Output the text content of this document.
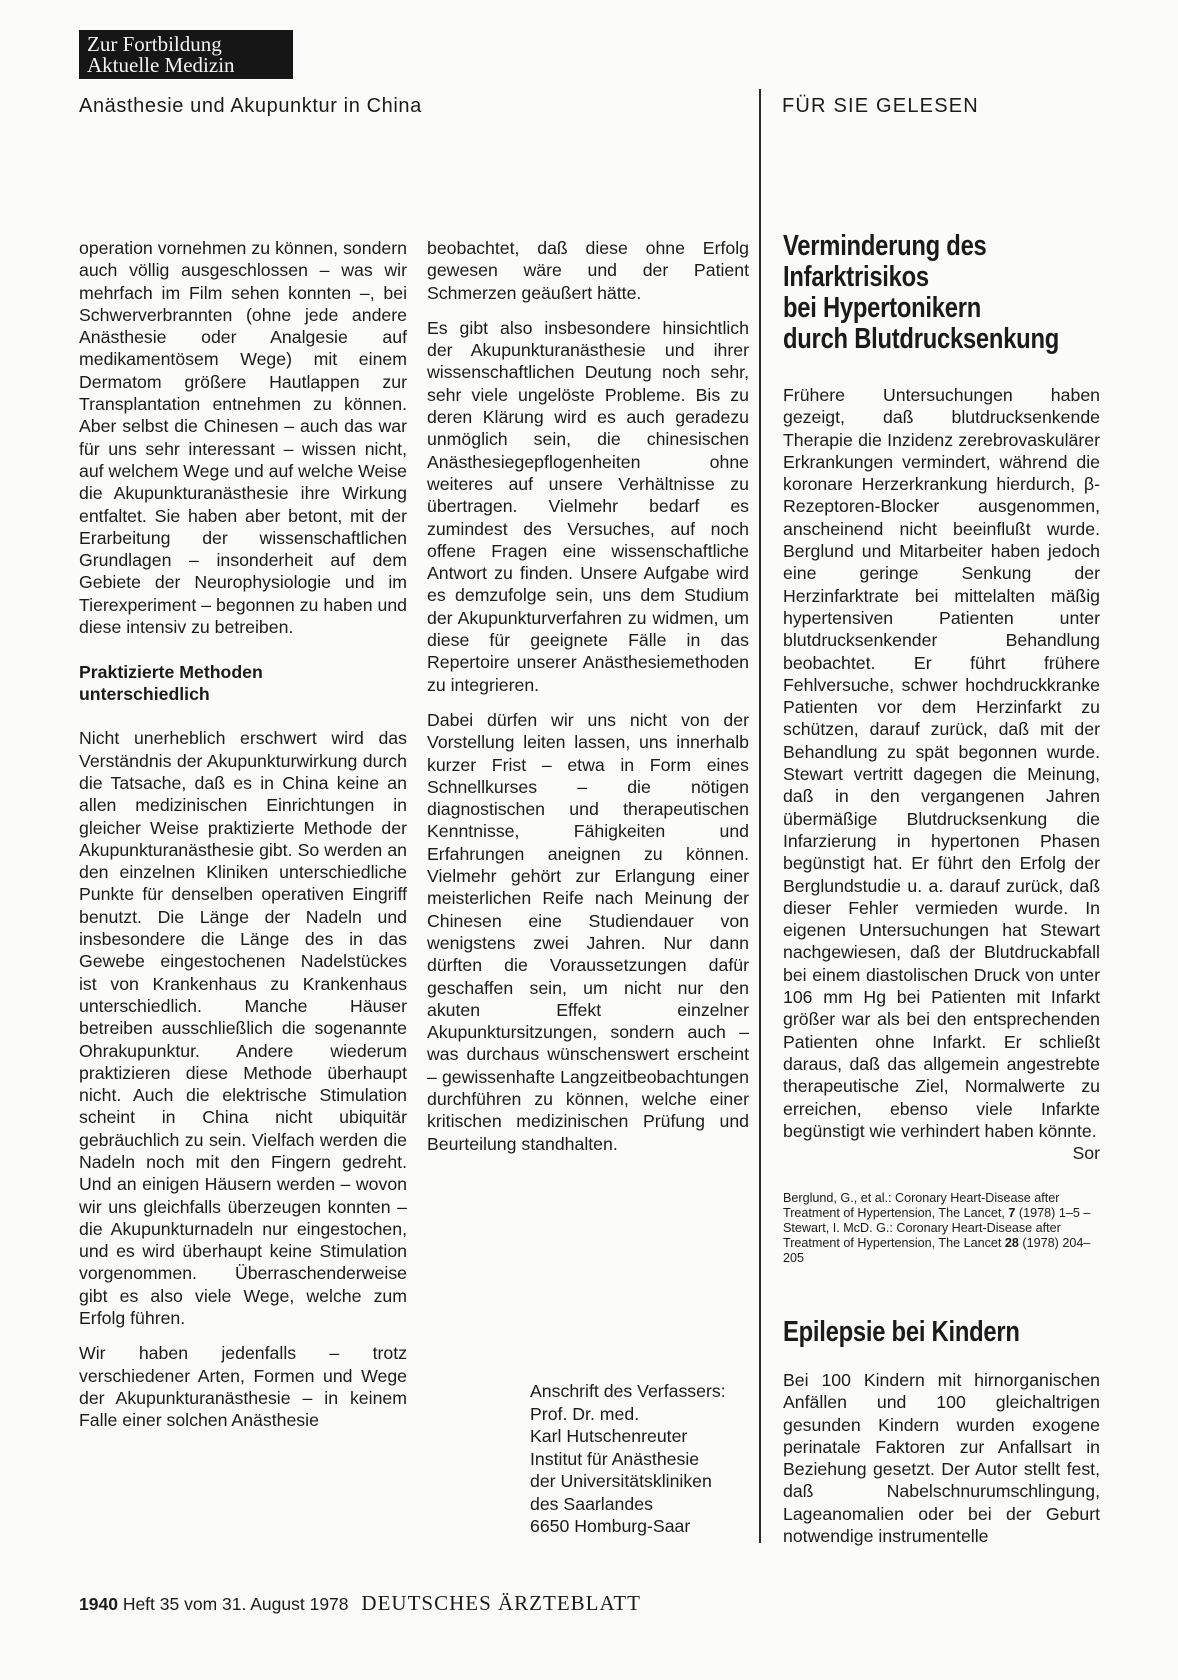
Zur Fortbildung
Aktuelle Medizin
Anästhesie und Akupunktur in China	FÜR SIE GELESEN

operation vornehmen zu können, sondern auch völlig ausgeschlossen – was wir mehrfach im Film sehen konnten –, bei Schwerverbrannten (ohne jede andere Anästhesie oder Analgesie auf medikamentösem Wege) mit einem Dermatom größere Hautlappen zur Transplantation entnehmen zu können. Aber selbst die Chinesen – auch das war für uns sehr interessant – wissen nicht, auf welchem Wege und auf welche Weise die Akupunkturanästhesie ihre Wirkung entfaltet. Sie haben aber betont, mit der Erarbeitung der wissenschaftlichen Grundlagen – insonderheit auf dem Gebiete der Neurophysiologie und im Tierexperiment – begonnen zu haben und diese intensiv zu betreiben.

Praktizierte Methoden
unterschiedlich

Nicht unerheblich erschwert wird das Verständnis der Akupunkturwirkung durch die Tatsache, daß es in China keine an allen medizinischen Einrichtungen in gleicher Weise praktizierte Methode der Akupunkturanästhesie gibt. So werden an den einzelnen Kliniken unterschiedliche Punkte für denselben operativen Eingriff benutzt. Die Länge der Nadeln und insbesondere die Länge des in das Gewebe eingestochenen Nadelstückes ist von Krankenhaus zu Krankenhaus unterschiedlich. Manche Häuser betreiben ausschließlich die sogenannte Ohrakupunktur. Andere wiederum praktizieren diese Methode überhaupt nicht. Auch die elektrische Stimulation scheint in China nicht ubiquitär gebräuchlich zu sein. Vielfach werden die Nadeln noch mit den Fingern gedreht. Und an einigen Häusern werden – wovon wir uns gleichfalls überzeugen konnten – die Akupunkturnadeln nur eingestochen, und es wird überhaupt keine Stimulation vorgenommen. Überraschenderweise gibt es also viele Wege, welche zum Erfolg führen.

Wir haben jedenfalls – trotz verschiedener Arten, Formen und Wege der Akupunkturanästhesie – in keinem Falle einer solchen Anästhesie

beobachtet, daß diese ohne Erfolg gewesen wäre und der Patient Schmerzen geäußert hätte.

Es gibt also insbesondere hinsichtlich der Akupunkturanästhesie und ihrer wissenschaftlichen Deutung noch sehr, sehr viele ungelöste Probleme. Bis zu deren Klärung wird es auch geradezu unmöglich sein, die chinesischen Anästhesiegepflogenheiten ohne weiteres auf unsere Verhältnisse zu übertragen. Vielmehr bedarf es zumindest des Versuches, auf noch offene Fragen eine wissenschaftliche Antwort zu finden. Unsere Aufgabe wird es demzufolge sein, uns dem Studium der Akupunkturverfahren zu widmen, um diese für geeignete Fälle in das Repertoire unserer Anästhesiemethoden zu integrieren.

Dabei dürfen wir uns nicht von der Vorstellung leiten lassen, uns innerhalb kurzer Frist – etwa in Form eines Schnellkurses – die nötigen diagnostischen und therapeutischen Kenntnisse, Fähigkeiten und Erfahrungen aneignen zu können. Vielmehr gehört zur Erlangung einer meisterlichen Reife nach Meinung der Chinesen eine Studiendauer von wenigstens zwei Jahren. Nur dann dürften die Voraussetzungen dafür geschaffen sein, um nicht nur den akuten Effekt einzelner Akupunktursitzungen, sondern auch – was durchaus wünschenswert erscheint – gewissenhafte Langzeitbeobachtungen durchführen zu können, welche einer kritischen medizinischen Prüfung und Beurteilung standhalten.

Anschrift des Verfassers:
Prof. Dr. med.
Karl Hutschenreuter
Institut für Anästhesie
der Universitätskliniken
des Saarlandes
6650 Homburg-Saar
Verminderung des
Infarktrisikos
bei Hypertonikern
durch Blutdrucksenkung

Frühere Untersuchungen haben gezeigt, daß blutdrucksenkende Therapie die Inzidenz zerebrovaskulärer Erkrankungen vermindert, während die koronare Herzerkrankung hierdurch, β-Rezeptoren-Blocker ausgenommen, anscheinend nicht beeinflußt wurde. Berglund und Mitarbeiter haben jedoch eine geringe Senkung der Herzinfarktrate bei mittelalten mäßig hypertensiven Patienten unter blutdrucksenkender Behandlung beobachtet. Er führt frühere Fehlversuche, schwer hochdruckkranke Patienten vor dem Herzinfarkt zu schützen, darauf zurück, daß mit der Behandlung zu spät begonnen wurde. Stewart vertritt dagegen die Meinung, daß in den vergangenen Jahren übermäßige Blutdrucksenkung die Infarzierung in hypertonen Phasen begünstigt hat. Er führt den Erfolg der Berglundstudie u. a. darauf zurück, daß dieser Fehler vermieden wurde. In eigenen Untersuchungen hat Stewart nachgewiesen, daß der Blutdruckabfall bei einem diastolischen Druck von unter 106 mm Hg bei Patienten mit Infarkt größer war als bei den entsprechenden Patienten ohne Infarkt. Er schließt daraus, daß das allgemein angestrebte therapeutische Ziel, Normalwerte zu erreichen, ebenso viele Infarkte begünstigt wie verhindert haben könnte.
Sor

Berglund, G., et al.: Coronary Heart-Disease after Treatment of Hypertension, The Lancet, 7 (1978) 1–5 – Stewart, I. McD. G.: Coronary Heart-Disease after Treatment of Hypertension, The Lancet 28 (1978) 204–205
Epilepsie bei Kindern

Bei 100 Kindern mit hirnorganischen Anfällen und 100 gleichaltrigen gesunden Kindern wurden exogene perinatale Faktoren zur Anfallsart in Beziehung gesetzt. Der Autor stellt fest, daß Nabelschnurumschlingung, Lageanomalien oder bei der Geburt notwendige instrumentelle

1940 Heft 35 vom 31. August 1978 DEUTSCHES ÄRZTEBLATT
